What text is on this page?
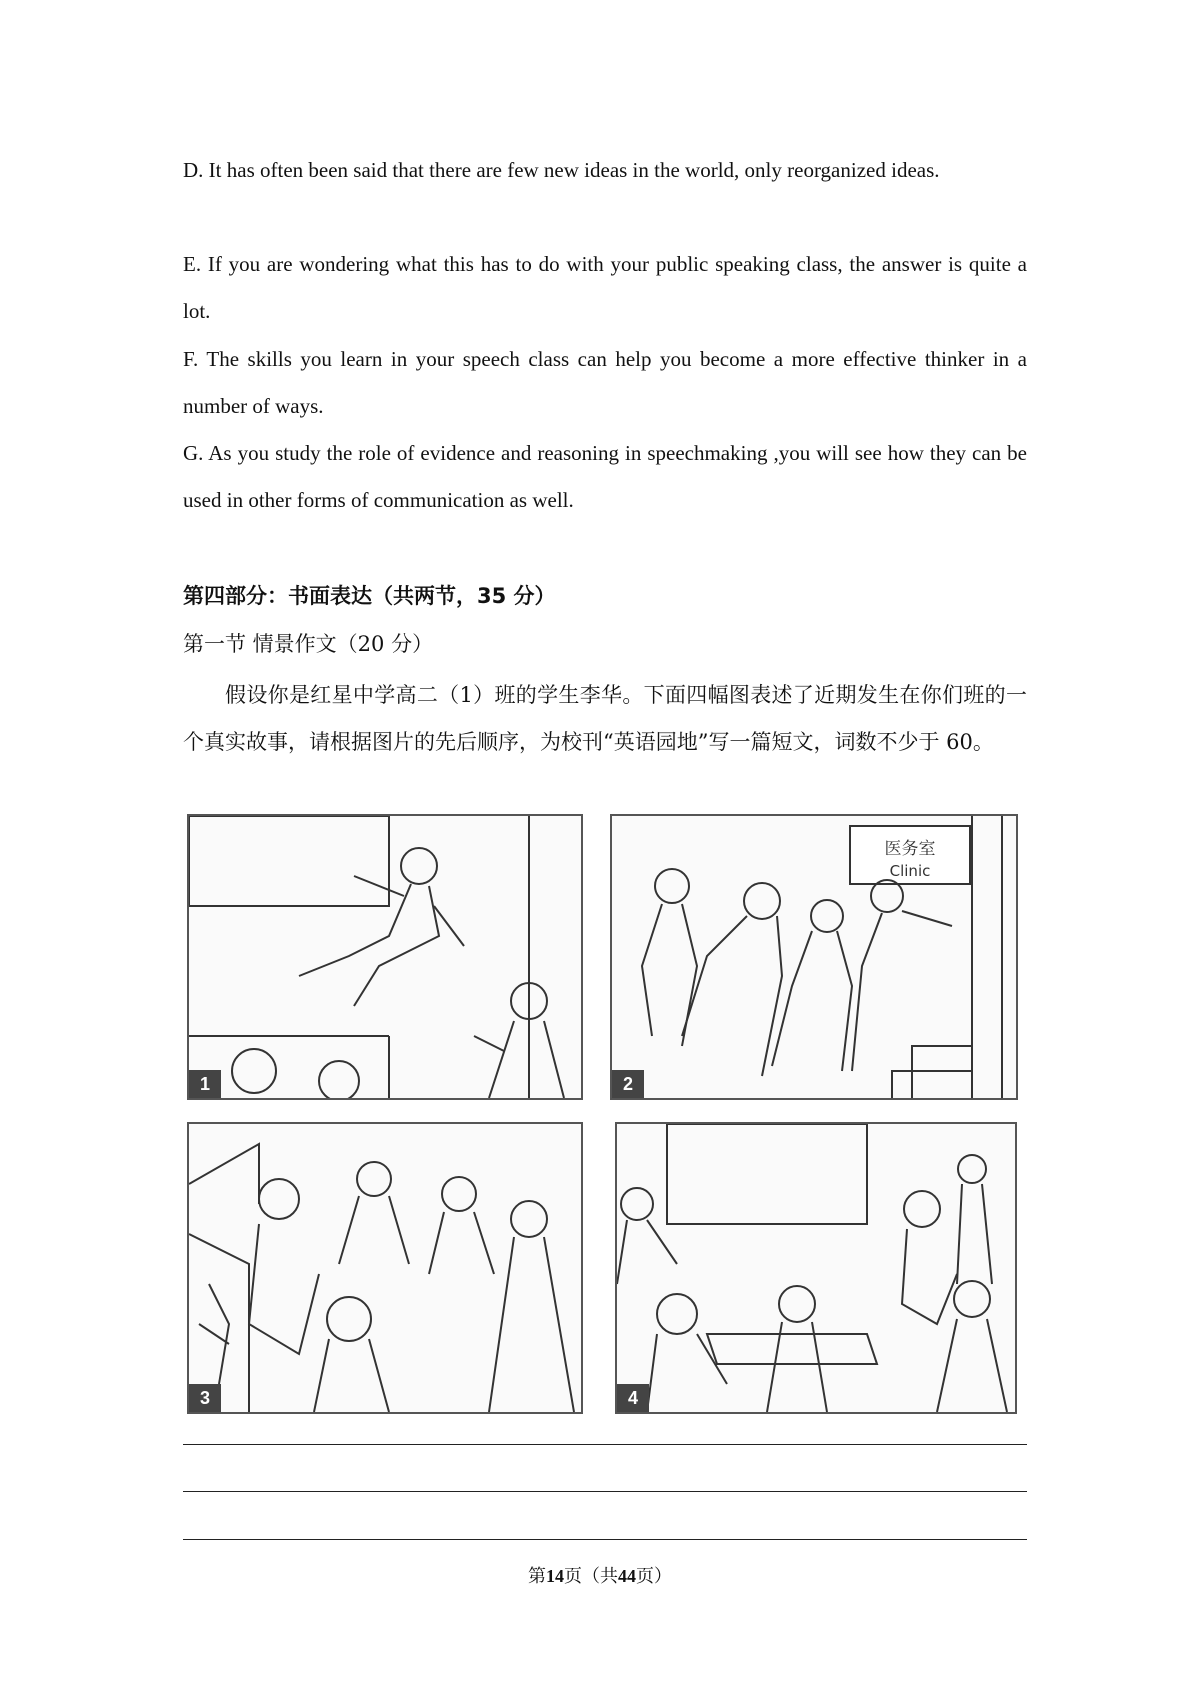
D. It has often been said that there are few new ideas in the world, only reorganized ideas.

E. If you are wondering what this has to do with your public speaking class, the answer is quite a lot.

F. The skills you learn in your speech class can help you become a more effective thinker in a number of ways.

G. As you study the role of evidence and reasoning in speechmaking ,you will see how they can be used in other forms of communication as well.

第四部分：书面表达（共两节，35 分）

第一节 情景作文（20 分）

假设你是红星中学高二（1）班的学生李华。下面四幅图表述了近期发生在你们班的一个真实故事，请根据图片的先后顺序，为校刊“英语园地”写一篇短文，词数不少于 60。

1
医务室
Clinic
2
3	4
第14页（共44页）
